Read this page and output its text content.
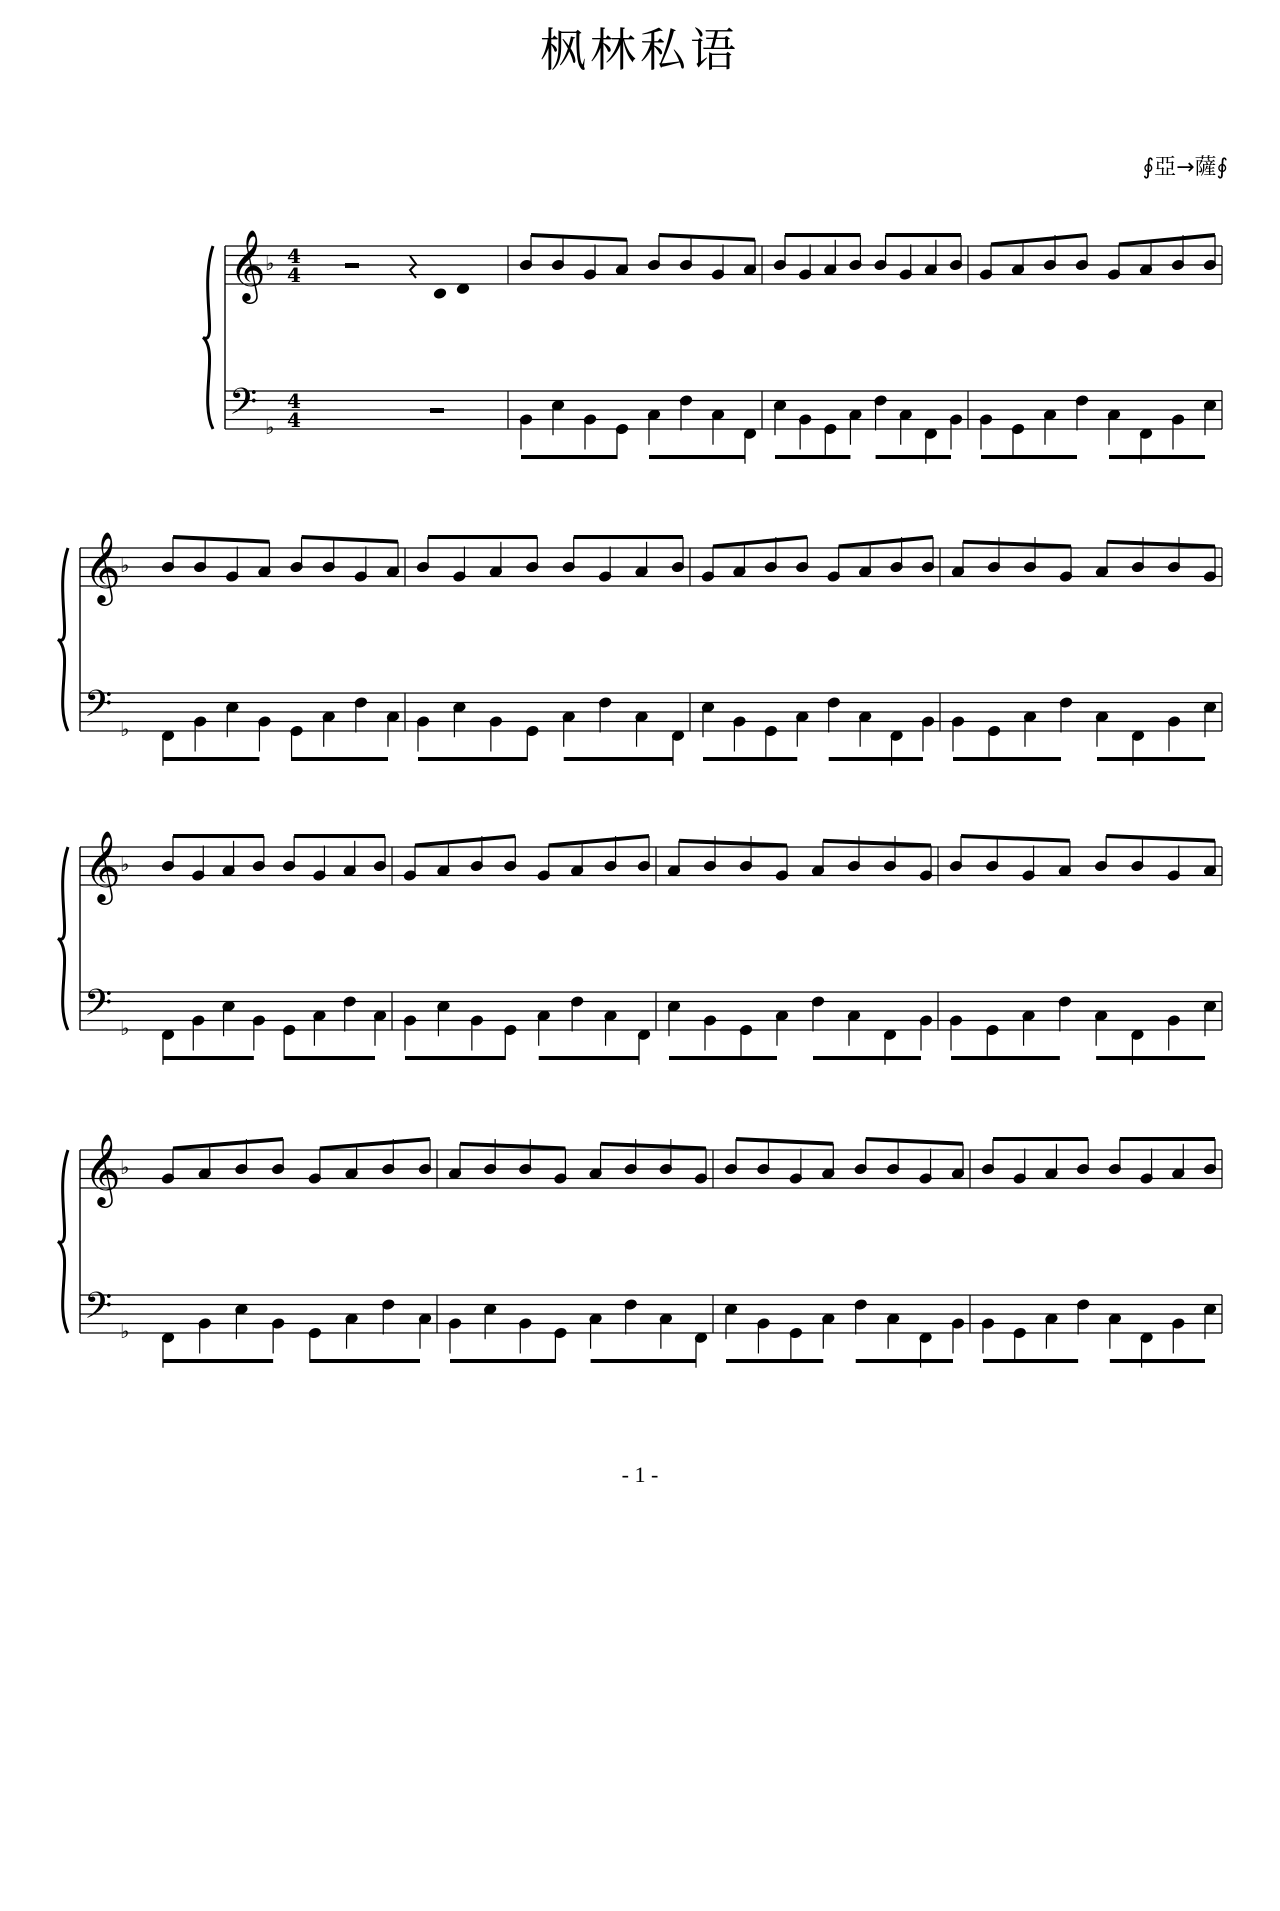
枫林私语
∮亞→薩∮
- 1 -
𝄞
𝄢
♭
♭
4
4
4
4
𝄞
𝄢
♭
♭
𝄞
𝄢
♭
♭
𝄞
𝄢
♭
♭
